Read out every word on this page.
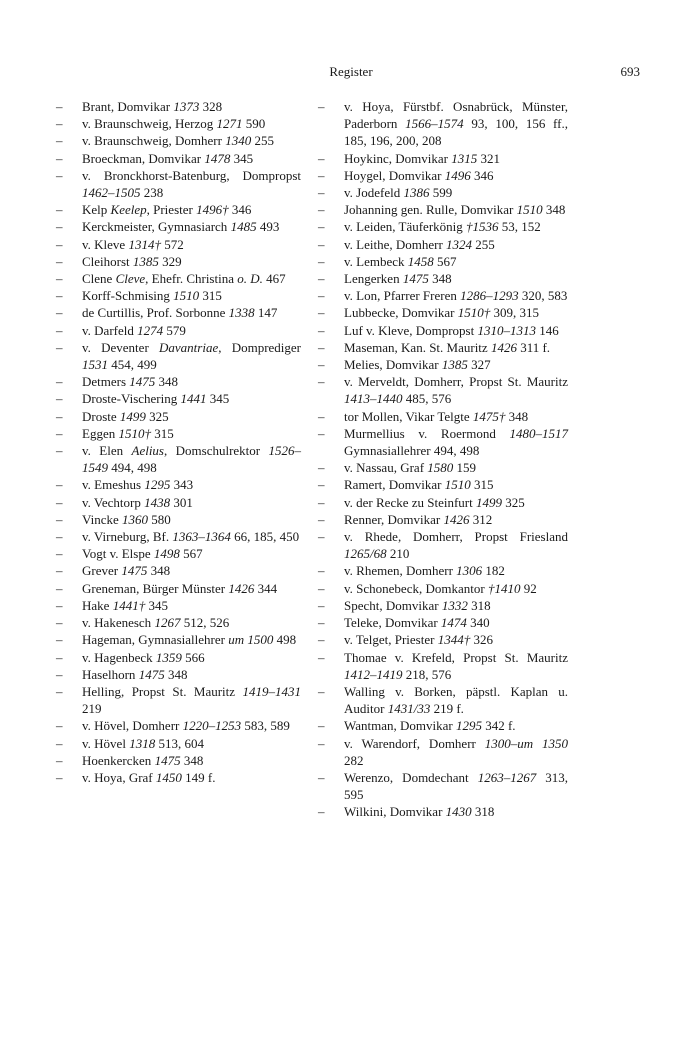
Register	693
– Brant, Domvikar 1373 328
– v. Braunschweig, Herzog 1271 590
– v. Braunschweig, Domherr 1340 255
– Broeckman, Domvikar 1478 345
– v. Bronckhorst-Batenburg, Dompropst 1462–1505 238
– Kelp Keelep, Priester 1496† 346
– Kerckmeister, Gymnasiarch 1485 493
– v. Kleve 1314† 572
– Cleihorst 1385 329
– Clene Cleve, Ehefr. Christina o. D. 467
– Korff-Schmising 1510 315
– de Curtillis, Prof. Sorbonne 1338 147
– v. Darfeld 1274 579
– v. Deventer Davantriae, Domprediger 1531 454, 499
– Detmers 1475 348
– Droste-Vischering 1441 345
– Droste 1499 325
– Eggen 1510† 315
– v. Elen Aelius, Domschulrektor 1526–1549 494, 498
– v. Emeshus 1295 343
– v. Vechtorp 1438 301
– Vincke 1360 580
– v. Virneburg, Bf. 1363–1364 66, 185, 450
– Vogt v. Elspe 1498 567
– Grever 1475 348
– Greneman, Bürger Münster 1426 344
– Hake 1441† 345
– v. Hakenesch 1267 512, 526
– Hageman, Gymnasiallehrer um 1500 498
– v. Hagenbeck 1359 566
– Haselhorn 1475 348
– Helling, Propst St. Mauritz 1419–1431 219
– v. Hövel, Domherr 1220–1253 583, 589
– v. Hövel 1318 513, 604
– Hoenkercken 1475 348
– v. Hoya, Graf 1450 149 f.
– v. Hoya, Fürstbf. Osnabrück, Münster, Paderborn 1566–1574 93, 100, 156 ff., 185, 196, 200, 208
– Hoykinc, Domvikar 1315 321
– Hoygel, Domvikar 1496 346
– v. Jodefeld 1386 599
– Johanning gen. Rulle, Domvikar 1510 348
– v. Leiden, Täuferkönig †1536 53, 152
– v. Leithe, Domherr 1324 255
– v. Lembeck 1458 567
– Lengerken 1475 348
– v. Lon, Pfarrer Freren 1286–1293 320, 583
– Lubbecke, Domvikar 1510† 309, 315
– Luf v. Kleve, Dompropst 1310–1313 146
– Maseman, Kan. St. Mauritz 1426 311 f.
– Melies, Domvikar 1385 327
– v. Merveldt, Domherr, Propst St. Mauritz 1413–1440 485, 576
– tor Mollen, Vikar Telgte 1475† 348
– Murmellius v. Roermond 1480–1517 Gymnasiallehrer 494, 498
– v. Nassau, Graf 1580 159
– Ramert, Domvikar 1510 315
– v. der Recke zu Steinfurt 1499 325
– Renner, Domvikar 1426 312
– v. Rhede, Domherr, Propst Friesland 1265/68 210
– v. Rhemen, Domherr 1306 182
– v. Schonebeck, Domkantor †1410 92
– Specht, Domvikar 1332 318
– Teleke, Domvikar 1474 340
– v. Telget, Priester 1344† 326
– Thomae v. Krefeld, Propst St. Mauritz 1412–1419 218, 576
– Walling v. Borken, päpstl. Kaplan u. Auditor 1431/33 219 f.
– Wantman, Domvikar 1295 342 f.
– v. Warendorf, Domherr 1300–um 1350 282
– Werenzo, Domdechant 1263–1267 313, 595
– Wilkini, Domvikar 1430 318
